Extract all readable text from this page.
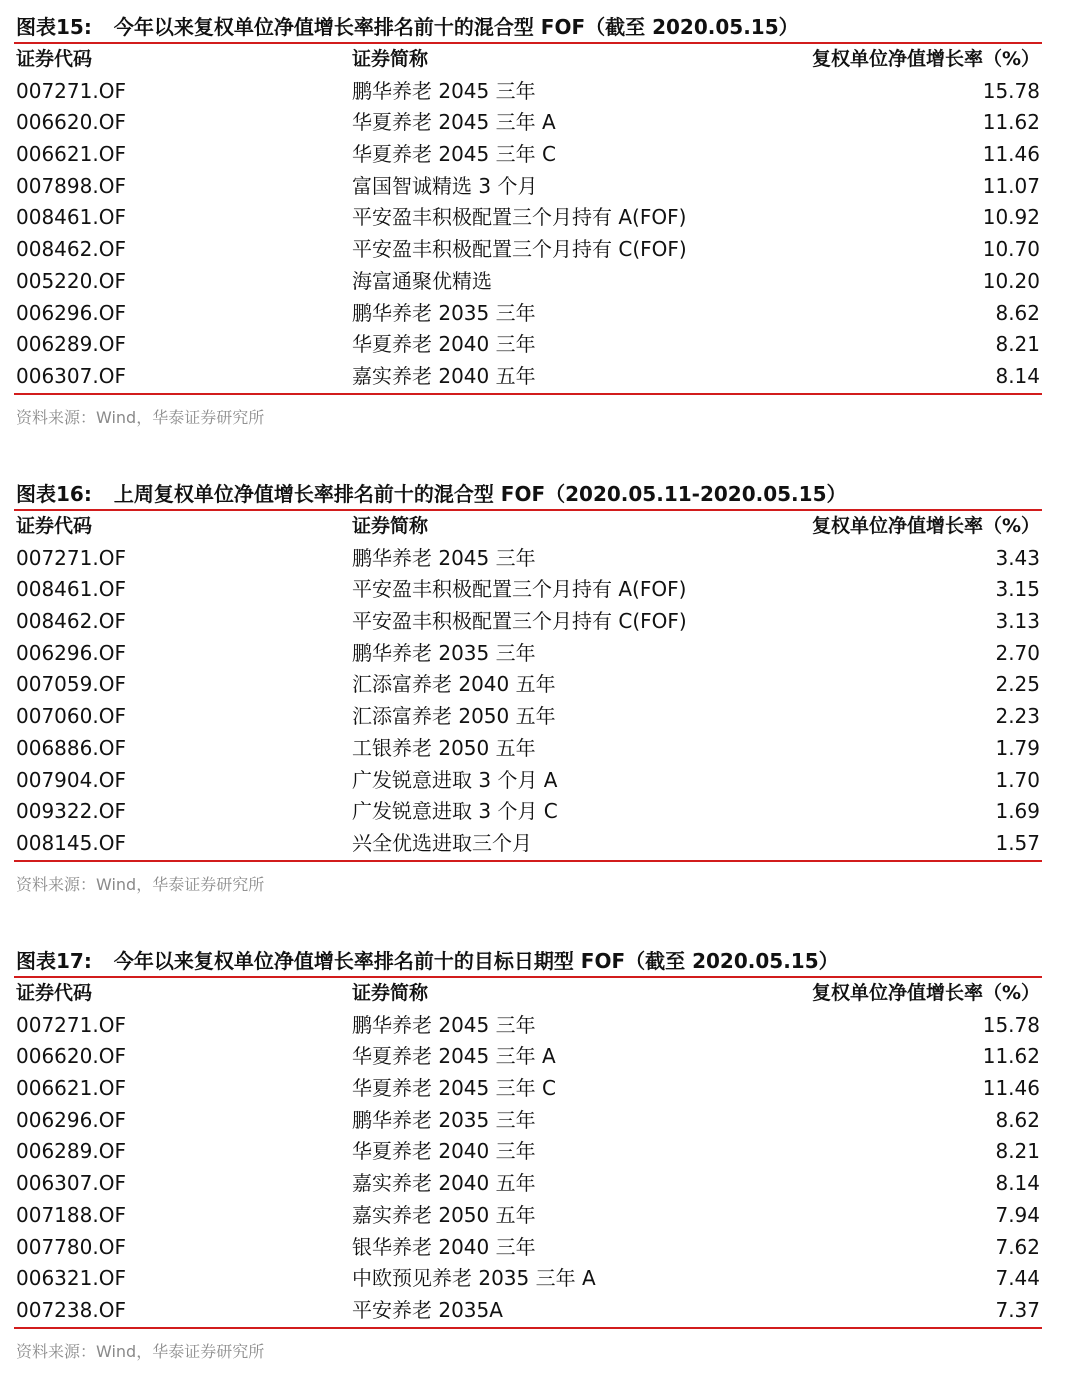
图表15: 今年以来复权单位净值增长率排名前十的混合型 FOF（截至 2020.05.15）
证券代码	证券简称	复权单位净值增长率（%）
007271.OF	鹏华养老 2045 三年	15.78
006620.OF	华夏养老 2045 三年 A	11.62
006621.OF	华夏养老 2045 三年 C	11.46
007898.OF	富国智诚精选 3 个月	11.07
008461.OF	平安盈丰积极配置三个月持有 A(FOF)	10.92
008462.OF	平安盈丰积极配置三个月持有 C(FOF)	10.70
005220.OF	海富通聚优精选	10.20
006296.OF	鹏华养老 2035 三年	8.62
006289.OF	华夏养老 2040 三年	8.21
006307.OF	嘉实养老 2040 五年	8.14
资料来源：Wind，华泰证券研究所
图表16: 上周复权单位净值增长率排名前十的混合型 FOF（2020.05.11-2020.05.15）
证券代码	证券简称	复权单位净值增长率（%）
007271.OF	鹏华养老 2045 三年	3.43
008461.OF	平安盈丰积极配置三个月持有 A(FOF)	3.15
008462.OF	平安盈丰积极配置三个月持有 C(FOF)	3.13
006296.OF	鹏华养老 2035 三年	2.70
007059.OF	汇添富养老 2040 五年	2.25
007060.OF	汇添富养老 2050 五年	2.23
006886.OF	工银养老 2050 五年	1.79
007904.OF	广发锐意进取 3 个月 A	1.70
009322.OF	广发锐意进取 3 个月 C	1.69
008145.OF	兴全优选进取三个月	1.57
资料来源：Wind，华泰证券研究所
图表17: 今年以来复权单位净值增长率排名前十的目标日期型 FOF（截至 2020.05.15）
证券代码	证券简称	复权单位净值增长率（%）
007271.OF	鹏华养老 2045 三年	15.78
006620.OF	华夏养老 2045 三年 A	11.62
006621.OF	华夏养老 2045 三年 C	11.46
006296.OF	鹏华养老 2035 三年	8.62
006289.OF	华夏养老 2040 三年	8.21
006307.OF	嘉实养老 2040 五年	8.14
007188.OF	嘉实养老 2050 五年	7.94
007780.OF	银华养老 2040 三年	7.62
006321.OF	中欧预见养老 2035 三年 A	7.44
007238.OF	平安养老 2035A	7.37
资料来源：Wind，华泰证券研究所
